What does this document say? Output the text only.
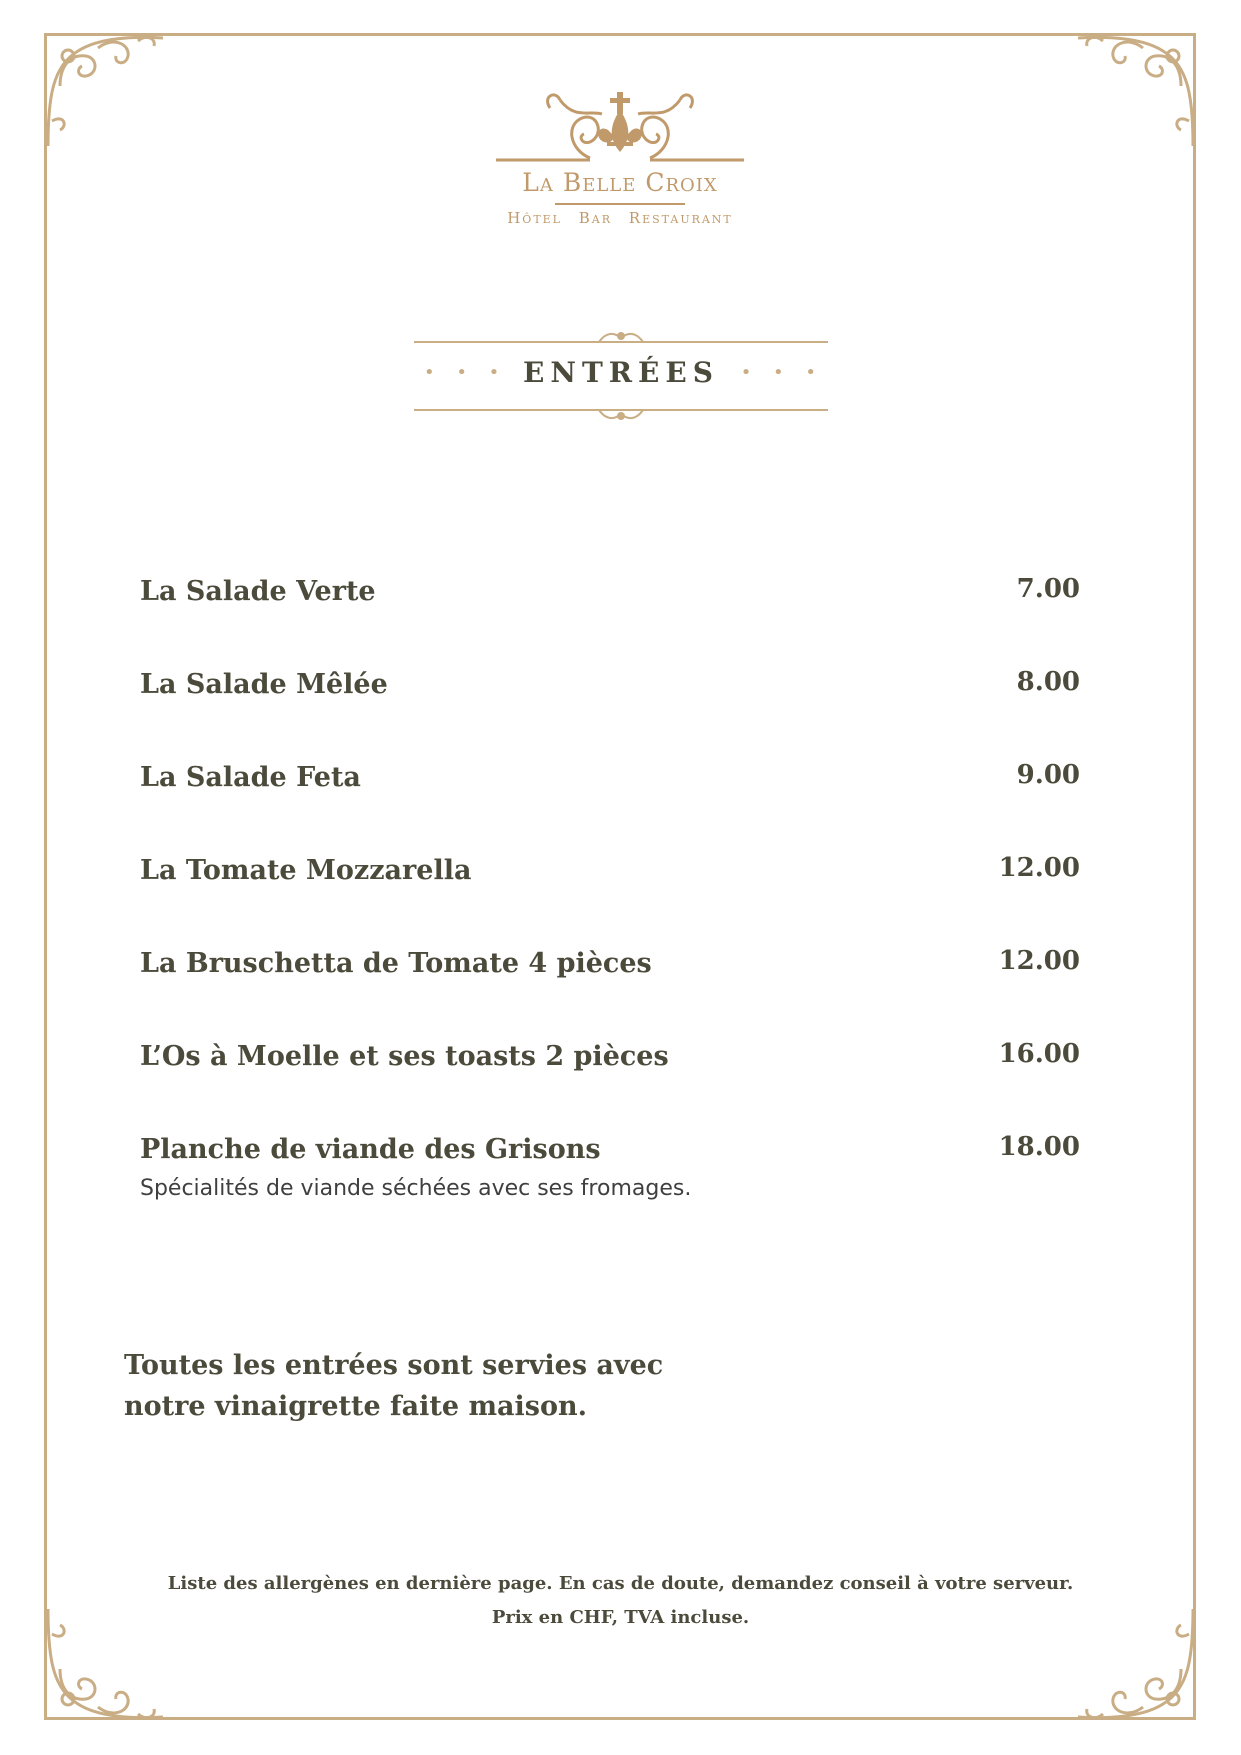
La Belle Croix
Hôtel Bar Restaurant
• • • ENTRÉES	• • •
La Salade Verte	7.00
La Salade Mêlée	8.00
La Salade Feta	9.00
La Tomate Mozzarella	12.00
La Bruschetta de Tomate 4 pièces	12.00
L’Os à Moelle et ses toasts 2 pièces	16.00
Planche de viande des Grisons	18.00
Spécialités de viande séchées avec ses fromages.
Toutes les entrées sont servies avec
notre vinaigrette faite maison.
Liste des allergènes en dernière page. En cas de doute, demandez conseil à votre serveur.
Prix en CHF, TVA incluse.
